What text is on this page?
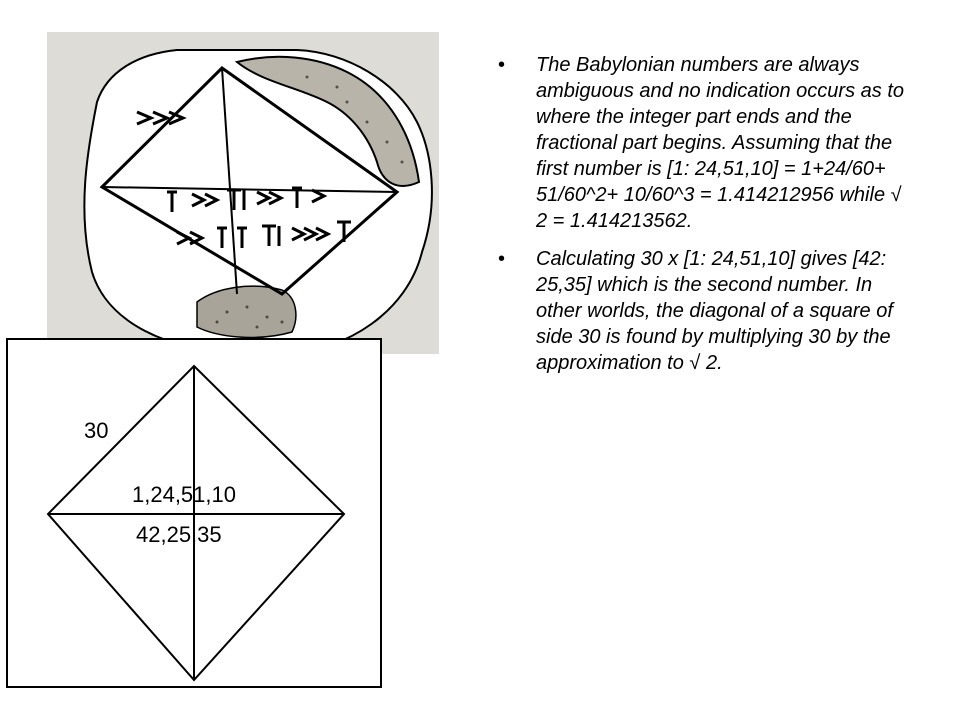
30
1,24,51,10
42,25,35
• The Babylonian numbers are always ambiguous and no indication occurs as to where the integer part ends and the fractional part begins. Assuming that the first number is [1: 24,51,10] = 1+24/60+ 51/60^2+ 10/60^3 = 1.414212956 while √ 2 = 1.414213562.
• Calculating 30 x [1: 24,51,10] gives [42: 25,35] which is the second number. In other worlds, the diagonal of a square of side 30 is found by multiplying 30 by the approximation to √ 2.
